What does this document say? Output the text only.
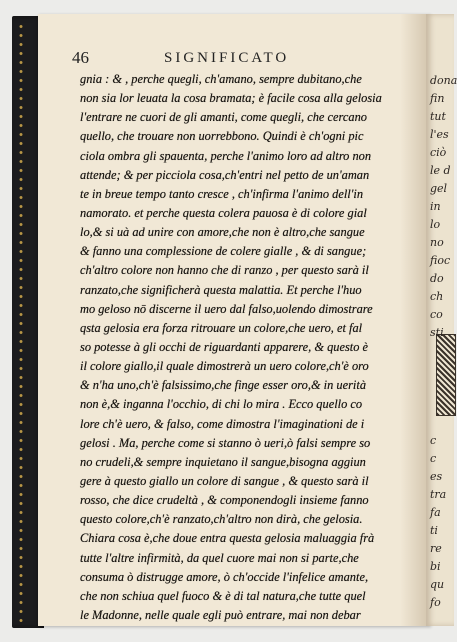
dona
fin
tut
l'es
ciò
le d
gel
in
lo
no
fioc
do
ch
co
sti
c
c
es
tra
fa
ti
re
bi
qu
fo
46	SIGNIFICATO
gnia : & , perche quegli, ch'amano, sempre dubitano,che
non sia lor leuata la cosa bramata; è facile cosa alla gelosia
l'entrare ne cuori de gli amanti, come quegli, che cercano
quello, che trouare non uorrebbono. Quindi è ch'ogni pic
ciola ombra gli spauenta, perche l'animo loro ad altro non
attende; & per picciola cosa,ch'entri nel petto de un'aman
te in breue tempo tanto cresce , ch'infirma l'animo dell'in
namorato. et perche questa colera pauosa è di colore gial
lo,& si uà ad unire con amore,che non è altro,che sangue
& fanno una complessione de colere gialle , & di sangue;
ch'altro colore non hanno che di ranzo , per questo sarà il
ranzato,che significherà questa malattia. Et perche l'huo
mo geloso nō discerne il uero dal falso,uolendo dimostrare
qsta gelosia era forza ritrouare un colore,che uero, et fal
so potesse à gli occhi de riguardanti apparere, & questo è
il colore giallo,il quale dimostrerà un uero colore,ch'è oro
& n'ha uno,ch'è falsissimo,che finge esser oro,& in uerità
non è,& inganna l'occhio, di chi lo mira . Ecco quello co
lore ch'è uero, & falso, come dimostra l'imaginationi de i
gelosi . Ma, perche come si stanno ò ueri,ò falsi sempre so
no crudeli,& sempre inquietano il sangue,bisogna aggiun
gere à questo giallo un colore di sangue , & questo sarà il
rosso, che dice crudeltà , & componendogli insieme fanno
questo colore,ch'è ranzato,ch'altro non dirà, che gelosia.
Chiara cosa è,che doue entra questa gelosia maluaggia frà
tutte l'altre infirmità, da quel cuore mai non si parte,che
consuma ò distrugge amore, ò ch'occide l'infelice amante,
che non schiua quel fuoco & è di tal natura,che tutte quel
le Madonne, nelle quale egli può entrare, mai non debar
